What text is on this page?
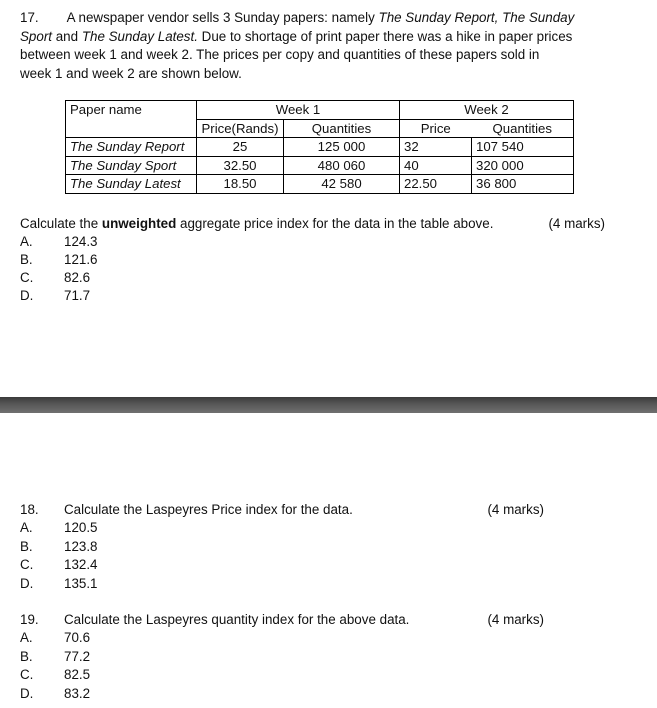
17. A newspaper vendor sells 3 Sunday papers: namely The Sunday Report, The Sunday
Sport and The Sunday Latest. Due to shortage of print paper there was a hike in paper prices
between week 1 and week 2. The prices per copy and quantities of these papers sold in
week 1 and week 2 are shown below.
Paper name	Week 1		Week 2	
	Price(Rands)	Quantities	Price	Quantities
The Sunday Report	25	125 000	32	107 540
The Sunday Sport	32.50	480 060	40	320 000
The Sunday Latest	18.50	42 580	22.50	36 800
Calculate the unweighted aggregate price index for the data in the table above.	(4 marks)
A. 124.3
B. 121.6
C. 82.6
D. 71.7
18. Calculate the Laspeyres Price index for the data.	(4 marks)
A. 120.5
B. 123.8
C. 132.4
D. 135.1
19. Calculate the Laspeyres quantity index for the above data.	(4 marks)
A. 70.6
B. 77.2
C. 82.5
D. 83.2
